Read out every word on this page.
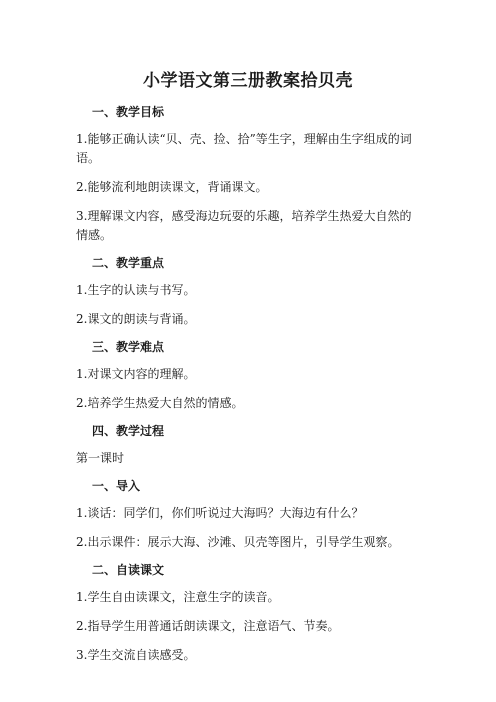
小学语文第三册教案拾贝壳
一、教学目标

1.能够正确认读“贝、壳、捡、拾”等生字，理解由生字组成的词语。

2.能够流利地朗读课文，背诵课文。

3.理解课文内容，感受海边玩耍的乐趣，培养学生热爱大自然的情感。

二、教学重点

1.生字的认读与书写。

2.课文的朗读与背诵。

三、教学难点

1.对课文内容的理解。

2.培养学生热爱大自然的情感。

四、教学过程

第一课时

一、导入

1.谈话：同学们，你们听说过大海吗？大海边有什么？

2.出示课件：展示大海、沙滩、贝壳等图片，引导学生观察。

二、自读课文

1.学生自由读课文，注意生字的读音。

2.指导学生用普通话朗读课文，注意语气、节奏。

3.学生交流自读感受。
